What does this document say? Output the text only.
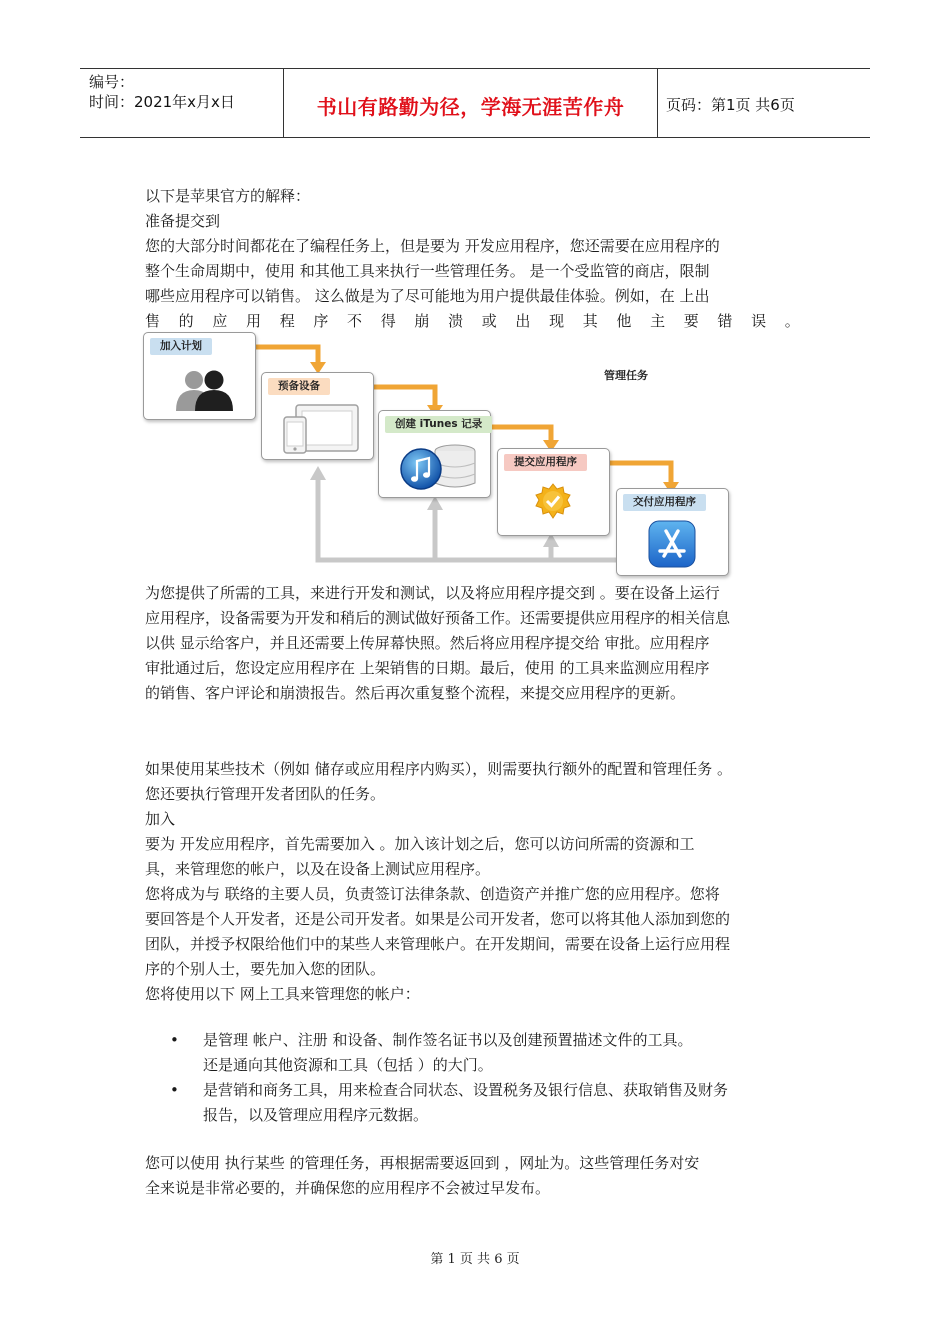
编号：
时间：2021年x月x日	书山有路勤为径，学海无涯苦作舟	页码：第1页 共6页
以下是苹果官方的解释：
准备提交到
您的大部分时间都花在了编程任务上，但是要为 开发应用程序，您还需要在应用程序的
整个生命周期中，使用 和其他工具来执行一些管理任务。 是一个受监管的商店，限制
哪些应用程序可以销售。 这么做是为了尽可能地为用户提供最佳体验。例如，在 上出
售 的 应 用 程 序 不 得 崩 溃 或 出 现 其 他 主 要 错 误 。
管理任务
加入计划
预备设备
创建 iTunes 记录
提交应用程序
交付应用程序
为您提供了所需的工具，来进行开发和测试，以及将应用程序提交到 。要在设备上运行
应用程序，设备需要为开发和稍后的测试做好预备工作。还需要提供应用程序的相关信息
以供 显示给客户，并且还需要上传屏幕快照。然后将应用程序提交给 审批。应用程序
审批通过后，您设定应用程序在 上架销售的日期。最后，使用 的工具来监测应用程序
的销售、客户评论和崩溃报告。然后再次重复整个流程，来提交应用程序的更新。
如果使用某些技术（例如 储存或应用程序内购买），则需要执行额外的配置和管理任务 。
您还要执行管理开发者团队的任务。
加入
要为 开发应用程序，首先需要加入 。加入该计划之后，您可以访问所需的资源和工
具，来管理您的帐户，以及在设备上测试应用程序。
您将成为与 联络的主要人员，负责签订法律条款、创造资产并推广您的应用程序。您将
要回答是个人开发者，还是公司开发者。如果是公司开发者，您可以将其他人添加到您的
团队，并授予权限给他们中的某些人来管理帐户。在开发期间，需要在设备上运行应用程
序的个别人士，要先加入您的团队。
您将使用以下 网上工具来管理您的帐户：
• 是管理 帐户、注册 和设备、制作签名证书以及创建预置描述文件的工具。
还是通向其他资源和工具（包括 ）的大门。
• 是营销和商务工具，用来检查合同状态、设置税务及银行信息、获取销售及财务
报告，以及管理应用程序元数据。
您可以使用 执行某些 的管理任务，再根据需要返回到 ，网址为。这些管理任务对安
全来说是非常必要的，并确保您的应用程序不会被过早发布。
第 1 页 共 6 页
